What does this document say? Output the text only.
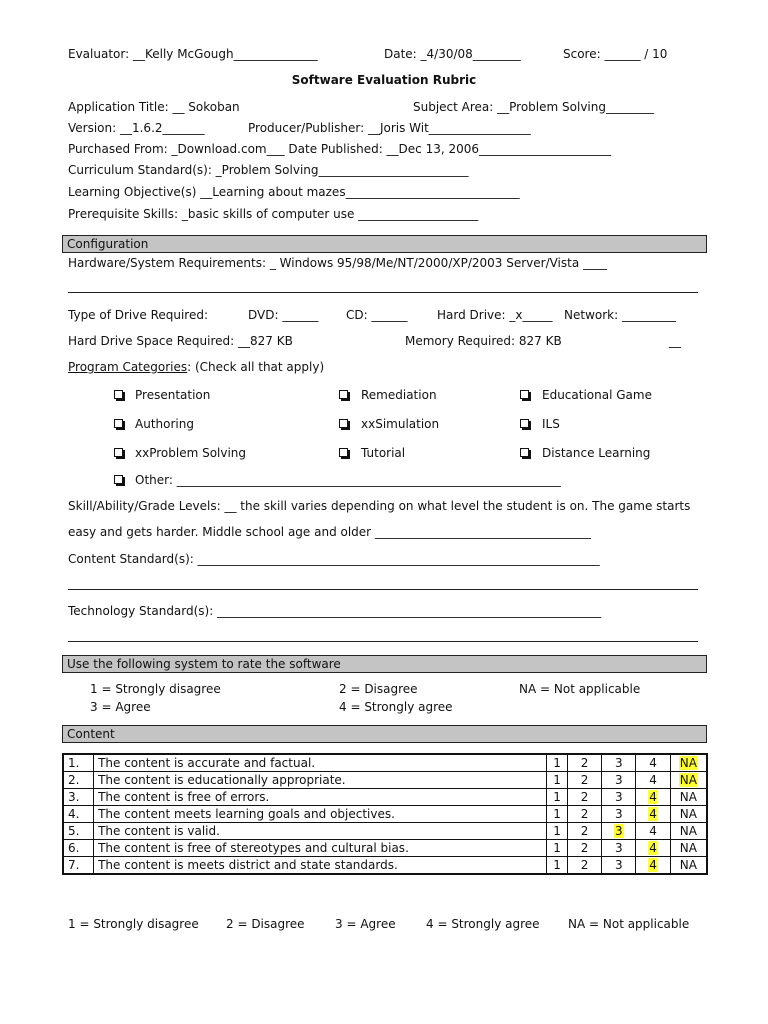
Evaluator: __Kelly McGough______________	Date: _4/30/08________	Score: ______ / 10
Software Evaluation Rubric
Application Title: __ Sokoban	Subject Area: __Problem Solving________
Version: __1.6.2_______	Producer/Publisher: __Joris Wit_________________
Purchased From: _Download.com___ Date Published: __Dec 13, 2006______________________
Curriculum Standard(s): _Problem Solving_________________________
Learning Objective(s) __Learning about mazes_____________________________
Prerequisite Skills: _basic skills of computer use ____________________
Configuration
Hardware/System Requirements: _ Windows 95/98/Me/NT/2000/XP/2003 Server/Vista ____
Type of Drive Required:	DVD: ______ CD: ______ Hard Drive: _x_____ Network: _________
Hard Drive Space Required: __827 KB	Memory Required: 827 KB	__
Program Categories: (Check all that apply)
Presentation	Remediation	Educational Game
Authoring	xxSimulation	ILS
xxProblem Solving	Tutorial	Distance Learning
Other: ________________________________________________________________
Skill/Ability/Grade Levels: __ the skill varies depending on what level the student is on. The game starts
easy and gets harder. Middle school age and older ____________________________________
Content Standard(s): ___________________________________________________________________
Technology Standard(s): ________________________________________________________________
Use the following system to rate the software
1 = Strongly disagree	2 = Disagree	NA = Not applicable
3 = Agree	4 = Strongly agree
Content
1.	The content is accurate and factual.	1	2	3	4	NA
2.	The content is educationally appropriate.	1	2	3	4	NA
3.	The content is free of errors.	1	2	3	4	NA
4.	The content meets learning goals and objectives.	1	2	3	4	NA
5.	The content is valid.	1	2	3	4	NA
6.	The content is free of stereotypes and cultural bias.	1	2	3	4	NA
7.	The content is meets district and state standards.	1	2	3	4	NA
1 = Strongly disagree 2 = Disagree	3 = Agree	4 = Strongly agree NA = Not applicable
